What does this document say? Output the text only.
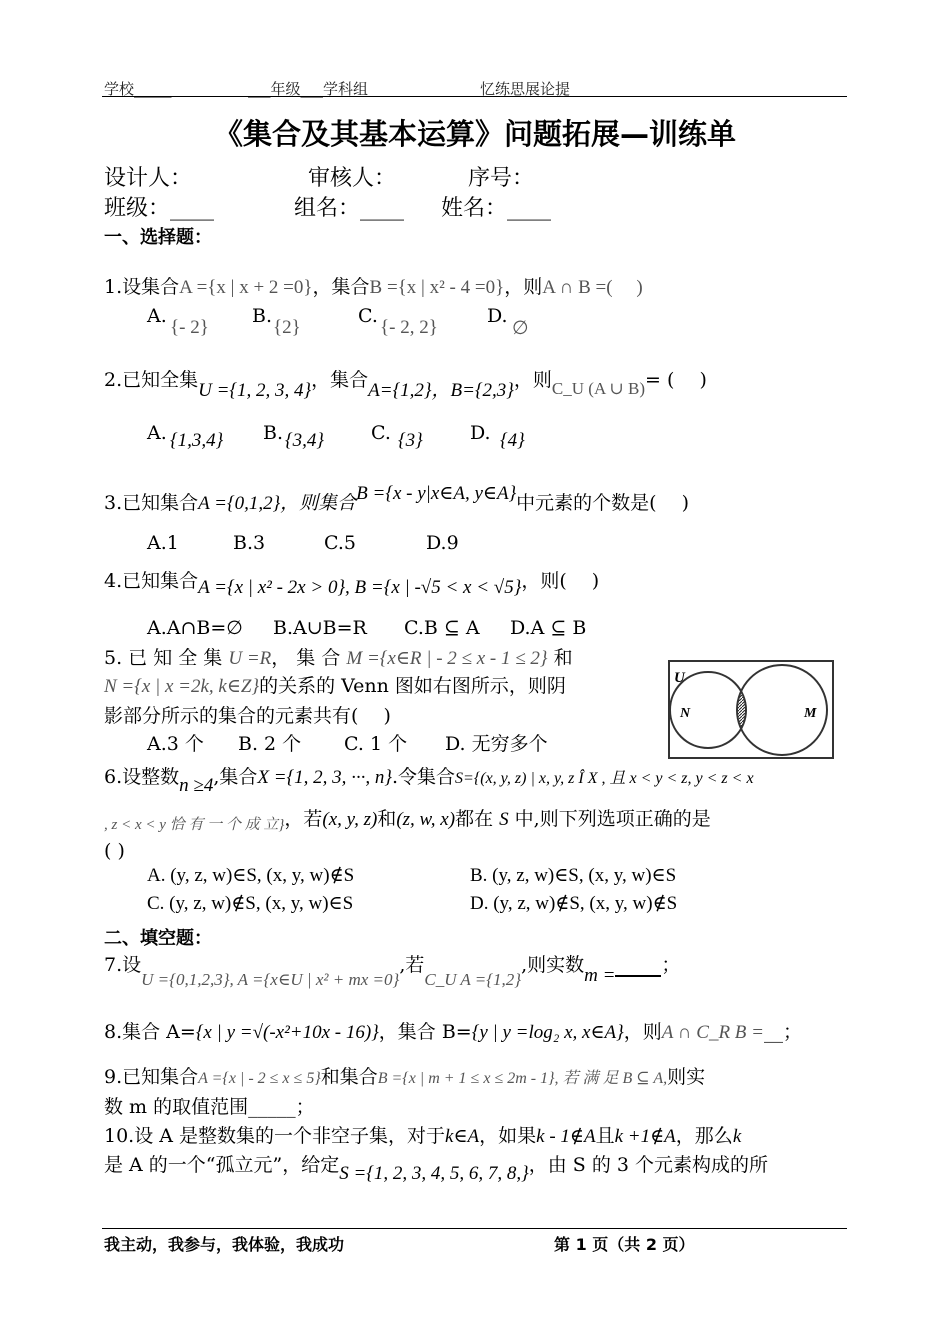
学校_____	___年级___学科组	忆练思展论提
《集合及其基本运算》问题拓展—训练单
设计人：	审核人：	序号：
班级：____	组名：____ 姓名：____
一、选择题：
1.设集合A ={x | x + 2 =0}，集合B ={x | x² - 4 =0}，则A ∩ B =(　 )
A.
{- 2}
B.
{2}
C.
{- 2, 2}
D.
∅
2.已知全集U ={1, 2, 3, 4}，集合A={1,2}，B={2,3}，则C_U (A ∪ B)= (　 )
A. {1,3,4} B. {3,4} C. {3} D. {4}
3.已知集合A ={0,1,2}，则集合B ={x - y|x∈A, y∈A}中元素的个数是(　 )
A.1	B.3	C.5	D.9
4.已知集合A ={x | x² - 2x > 0}, B ={x | -√5 < x < √5}，则(　 )
A.A∩B=∅ B.A∪B=R C.B ⊆ A D.A ⊆ B
5. 已 知 全 集 U =R， 集 合 M ={x∈R | - 2 ≤ x - 1 ≤ 2} 和
N ={x | x =2k, k∈Z}的关系的 Venn 图如右图所示，则阴
影部分所示的集合的元素共有(　 )
A.3 个 B. 2 个 C. 1 个 D. 无穷多个
U
N	M
6.设整数n ≥4,集合X ={1, 2, 3, ···, n}.令集合S={(x, y, z) | x, y, z Î X , 且 x < y < z, y < z < x
$_{, z < x < y 恰 有 一 个 成 立\}}$，若(x, y, z)和(z, w, x)都在 S 中,则下列选项正确的是
( )
A. (y, z, w)∈S, (x, y, w)∉S	B. (y, z, w)∈S, (x, y, w)∈S
C. (y, z, w)∉S, (x, y, w)∈S	D. (y, z, w)∉S, (x, y, w)∉S
二、填空题：
7.设U ={0,1,2,3}, A ={x∈U | x² + mx =0},若C_U A ={1,2},则实数m = ；
8.集合 A={x | y =√(-x²+10x - 16)}，集合 B={y | y =log₂ x, x∈A}，则A ∩ C_R B =__；
9.已知集合A ={x | - 2 ≤ x ≤ 5}和集合B ={x | m + 1 ≤ x ≤ 2m - 1}, 若 满 足 B ⊆ A,则实
数 m 的取值范围_____；
10.设 A 是整数集的一个非空子集，对于k∈A，如果k - 1∉A且k +1∉A，那么k
是 A 的一个“孤立元”，给定S ={1, 2, 3, 4, 5, 6, 7, 8,}，由 S 的 3 个元素构成的所
我主动，我参与，我体验，我成功	第 1 页（共 2 页）
